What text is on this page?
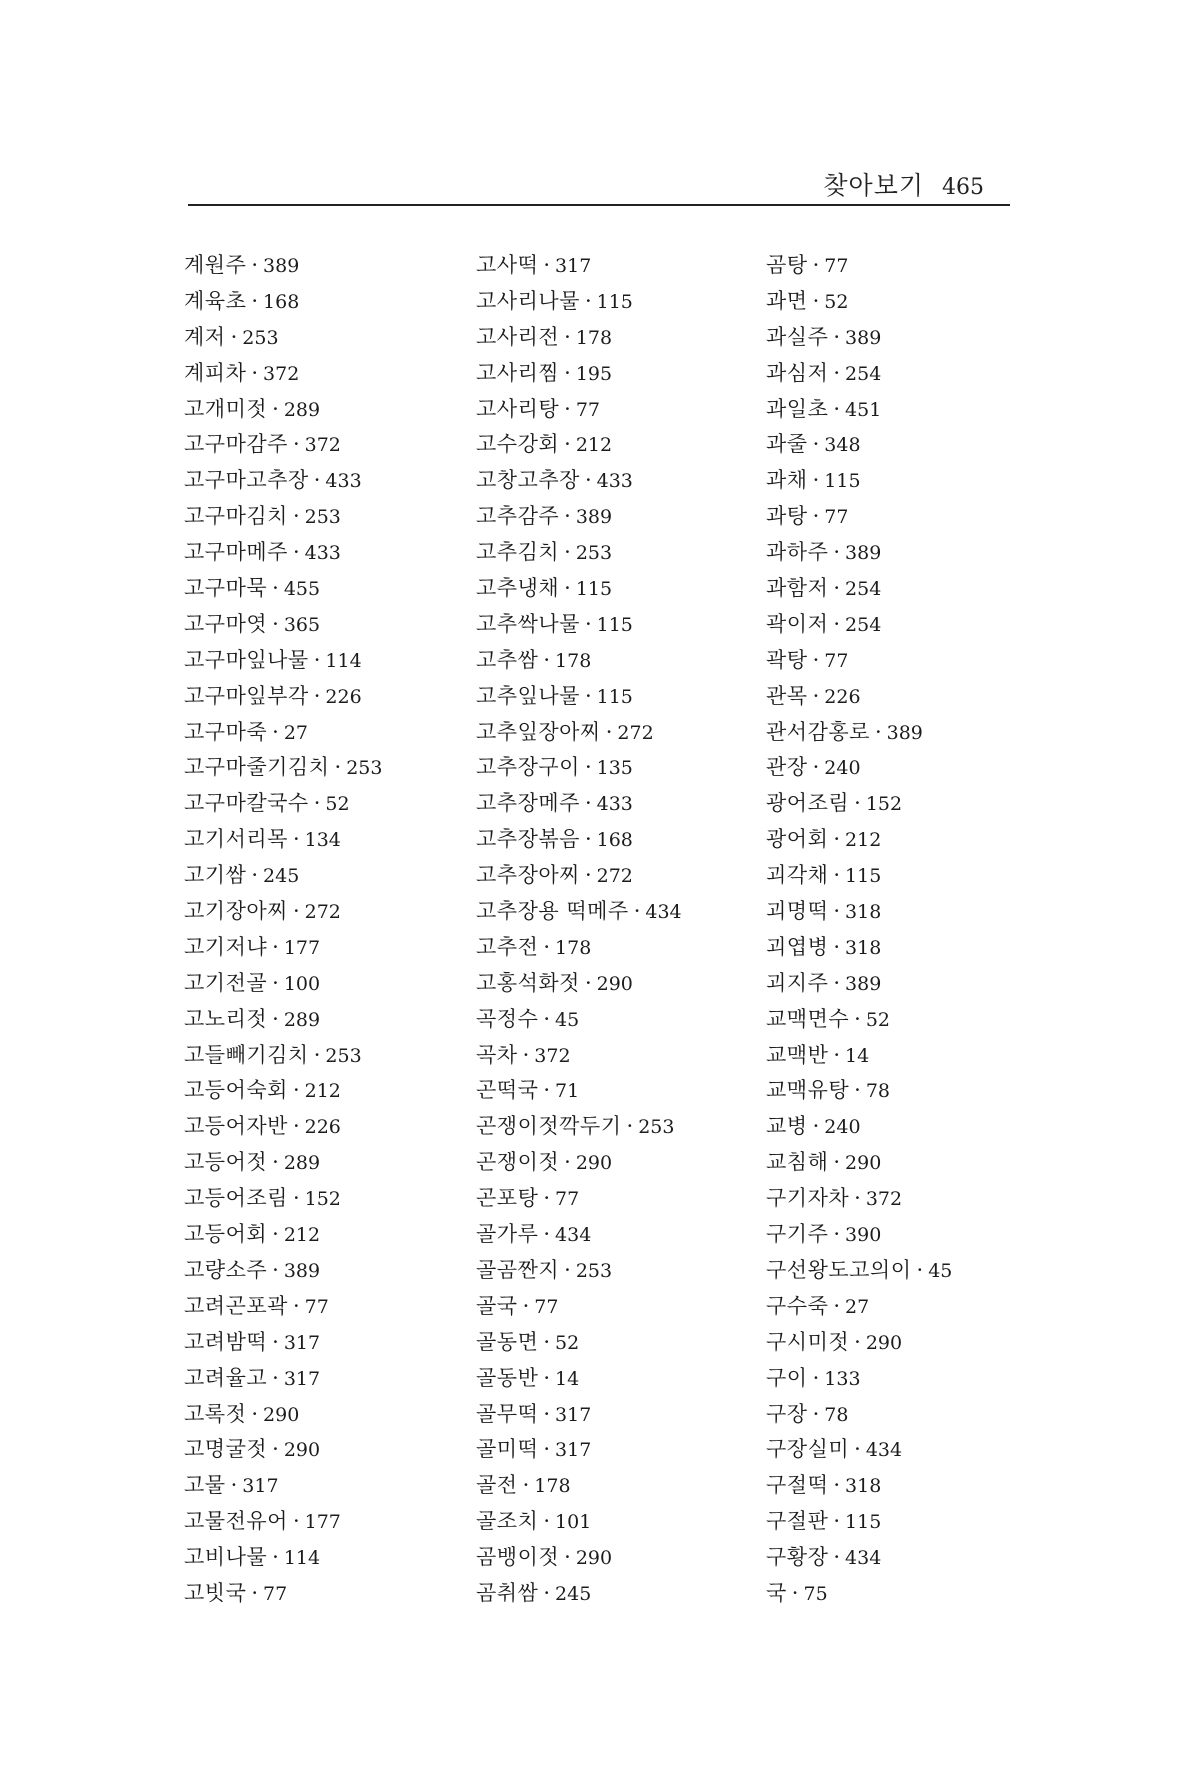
찾아보기 465
계원주 · 389
계육초 · 168
계저 · 253
계피차 · 372
고개미젓 · 289
고구마감주 · 372
고구마고추장 · 433
고구마김치 · 253
고구마메주 · 433
고구마묵 · 455
고구마엿 · 365
고구마잎나물 · 114
고구마잎부각 · 226
고구마죽 · 27
고구마줄기김치 · 253
고구마칼국수 · 52
고기서리목 · 134
고기쌈 · 245
고기장아찌 · 272
고기저냐 · 177
고기전골 · 100
고노리젓 · 289
고들빼기김치 · 253
고등어숙회 · 212
고등어자반 · 226
고등어젓 · 289
고등어조림 · 152
고등어회 · 212
고량소주 · 389
고려곤포곽 · 77
고려밤떡 · 317
고려율고 · 317
고록젓 · 290
고명굴젓 · 290
고물 · 317
고물전유어 · 177
고비나물 · 114
고빗국 · 77
고사떡 · 317
고사리나물 · 115
고사리전 · 178
고사리찜 · 195
고사리탕 · 77
고수강회 · 212
고창고추장 · 433
고추감주 · 389
고추김치 · 253
고추냉채 · 115
고추싹나물 · 115
고추쌈 · 178
고추잎나물 · 115
고추잎장아찌 · 272
고추장구이 · 135
고추장메주 · 433
고추장볶음 · 168
고추장아찌 · 272
고추장용 떡메주 · 434
고추전 · 178
고홍석화젓 · 290
곡정수 · 45
곡차 · 372
곤떡국 · 71
곤쟁이젓깍두기 · 253
곤쟁이젓 · 290
곤포탕 · 77
골가루 · 434
골곰짠지 · 253
골국 · 77
골동면 · 52
골동반 · 14
골무떡 · 317
골미떡 · 317
골전 · 178
골조치 · 101
곰뱅이젓 · 290
곰취쌈 · 245
곰탕 · 77
과면 · 52
과실주 · 389
과심저 · 254
과일초 · 451
과줄 · 348
과채 · 115
과탕 · 77
과하주 · 389
과함저 · 254
곽이저 · 254
곽탕 · 77
관목 · 226
관서감홍로 · 389
관장 · 240
광어조림 · 152
광어회 · 212
괴각채 · 115
괴명떡 · 318
괴엽병 · 318
괴지주 · 389
교맥면수 · 52
교맥반 · 14
교맥유탕 · 78
교병 · 240
교침해 · 290
구기자차 · 372
구기주 · 390
구선왕도고의이 · 45
구수죽 · 27
구시미젓 · 290
구이 · 133
구장 · 78
구장실미 · 434
구절떡 · 318
구절판 · 115
구황장 · 434
국 · 75
